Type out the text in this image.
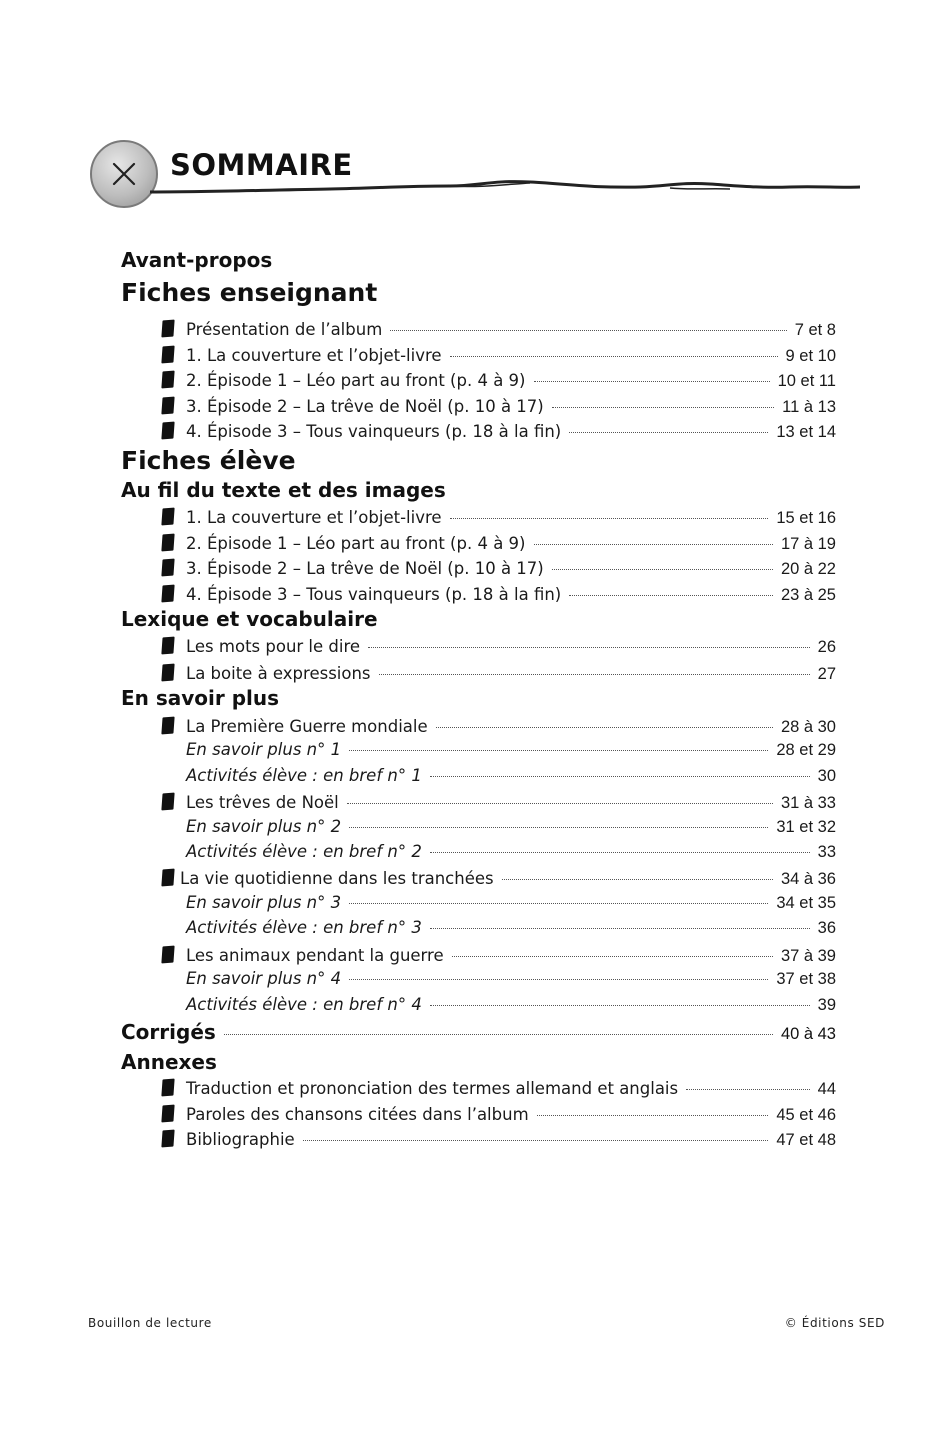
SOMMAIRE
Avant-propos
Fiches enseignant
Présentation de l’album	7 et 8
1. La couverture et l’objet-livre	9 et 10
2. Épisode 1 – Léo part au front (p. 4 à 9)	10 et 11
3. Épisode 2 – La trêve de Noël (p. 10 à 17)	11 à 13
4. Épisode 3 – Tous vainqueurs (p. 18 à la fin)	13 et 14
Fiches élève
Au fil du texte et des images
1. La couverture et l’objet-livre	15 et 16
2. Épisode 1 – Léo part au front (p. 4 à 9)	17 à 19
3. Épisode 2 – La trêve de Noël (p. 10 à 17)	20 à 22
4. Épisode 3 – Tous vainqueurs (p. 18 à la fin)	23 à 25
Lexique et vocabulaire
Les mots pour le dire	26
La boite à expressions	27
En savoir plus
La Première Guerre mondiale	28 à 30
En savoir plus n° 1	28 et 29
Activités élève : en bref n° 1	30
Les trêves de Noël	31 à 33
En savoir plus n° 2	31 et 32
Activités élève : en bref n° 2	33
La vie quotidienne dans les tranchées	34 à 36
En savoir plus n° 3	34 et 35
Activités élève : en bref n° 3	36
Les animaux pendant la guerre	37 à 39
En savoir plus n° 4	37 et 38
Activités élève : en bref n° 4	39
Corrigés	40 à 43
Annexes
Traduction et prononciation des termes allemand et anglais	44
Paroles des chansons citées dans l’album	45 et 46
Bibliographie	47 et 48
Bouillon de lecture	© Éditions SED
